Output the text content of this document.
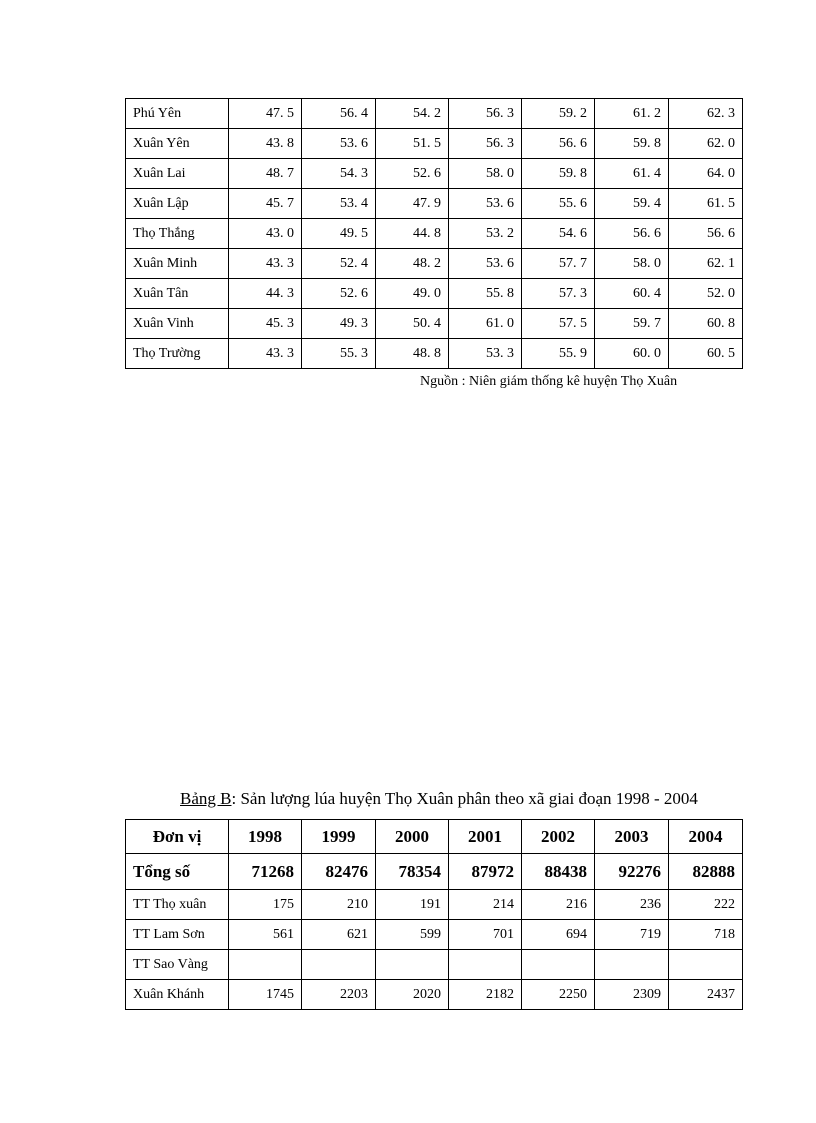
Phú Yên	47. 5	56. 4	54. 2	56. 3	59. 2	61. 2	62. 3
Xuân Yên	43. 8	53. 6	51. 5	56. 3	56. 6	59. 8	62. 0
Xuân Lai	48. 7	54. 3	52. 6	58. 0	59. 8	61. 4	64. 0
Xuân Lập	45. 7	53. 4	47. 9	53. 6	55. 6	59. 4	61. 5
Thọ Thắng	43. 0	49. 5	44. 8	53. 2	54. 6	56. 6	56. 6
Xuân Minh	43. 3	52. 4	48. 2	53. 6	57. 7	58. 0	62. 1
Xuân Tân	44. 3	52. 6	49. 0	55. 8	57. 3	60. 4	52. 0
Xuân Vinh	45. 3	49. 3	50. 4	61. 0	57. 5	59. 7	60. 8
Thọ Trường	43. 3	55. 3	48. 8	53. 3	55. 9	60. 0	60. 5
Nguồn : Niên giám thống kê huyện Thọ Xuân
Bảng B: Sản lượng lúa huyện Thọ Xuân phân theo xã giai đoạn 1998 - 2004
Đơn vị	1998	1999	2000	2001	2002	2003	2004
Tổng số	71268	82476	78354	87972	88438	92276	82888
TT Thọ xuân	175	210	191	214	216	236	222
TT Lam Sơn	561	621	599	701	694	719	718
TT Sao Vàng							
Xuân Khánh	1745	2203	2020	2182	2250	2309	2437
